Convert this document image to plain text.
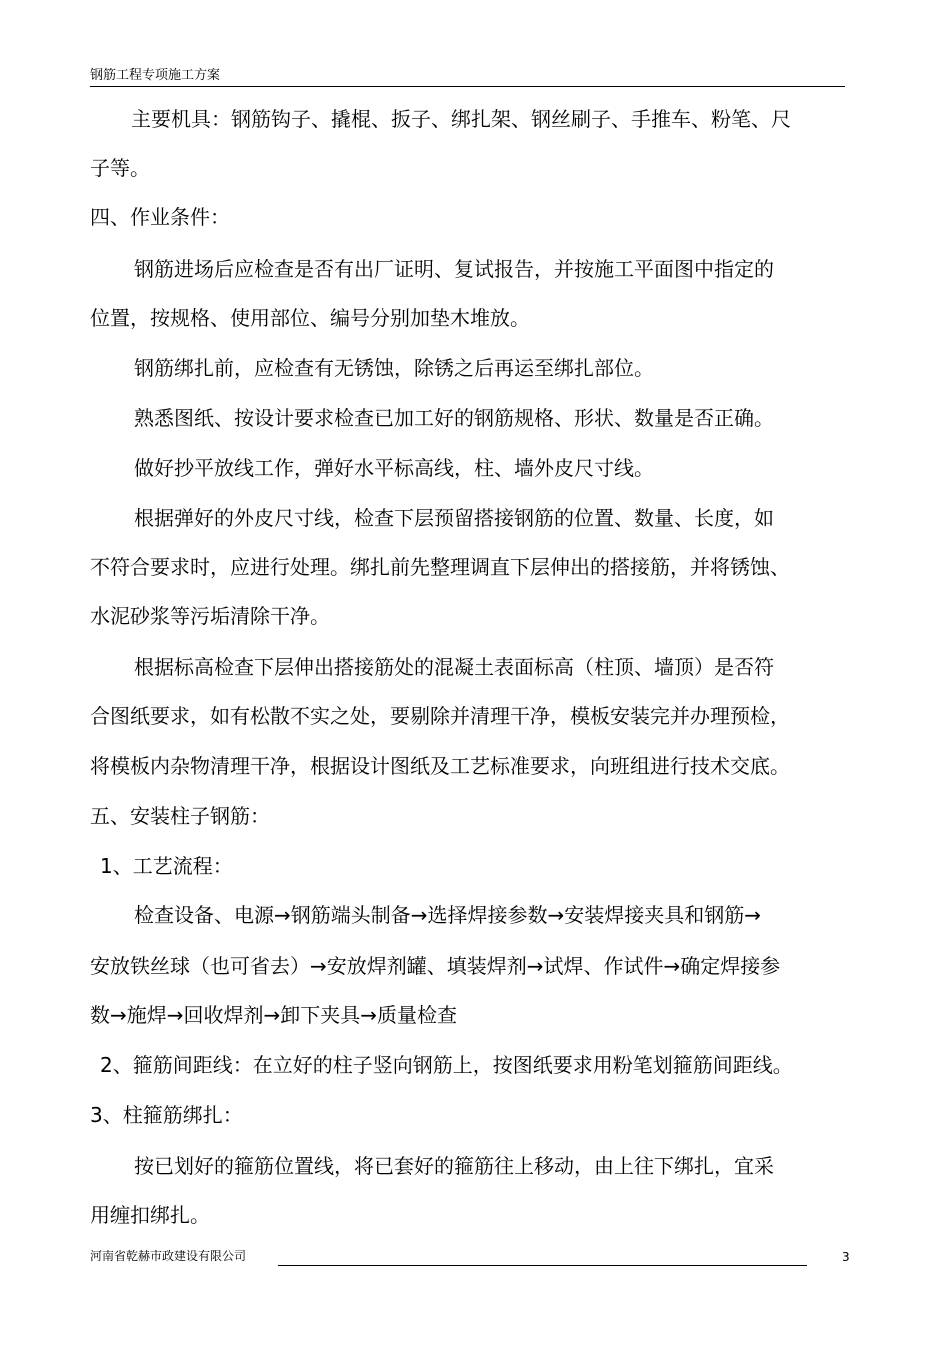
钢筋工程专项施工方案
主要机具：钢筋钩子、撬棍、扳子、绑扎架、钢丝刷子、手推车、粉笔、尺
子等。
四、作业条件：
钢筋进场后应检查是否有出厂证明、复试报告，并按施工平面图中指定的
位置，按规格、使用部位、编号分别加垫木堆放。
钢筋绑扎前，应检查有无锈蚀，除锈之后再运至绑扎部位。
熟悉图纸、按设计要求检查已加工好的钢筋规格、形状、数量是否正确。
做好抄平放线工作，弹好水平标高线，柱、墙外皮尺寸线。
根据弹好的外皮尺寸线，检查下层预留搭接钢筋的位置、数量、长度，如
不符合要求时，应进行处理。绑扎前先整理调直下层伸出的搭接筋，并将锈蚀、
水泥砂浆等污垢清除干净。
根据标高检查下层伸出搭接筋处的混凝土表面标高（柱顶、墙顶）是否符
合图纸要求，如有松散不实之处，要剔除并清理干净，模板安装完并办理预检，
将模板内杂物清理干净，根据设计图纸及工艺标准要求，向班组进行技术交底。
五、安装柱子钢筋：
1、工艺流程：
检查设备、电源→钢筋端头制备→选择焊接参数→安装焊接夹具和钢筋→
安放铁丝球（也可省去）→安放焊剂罐、填装焊剂→试焊、作试件→确定焊接参
数→施焊→回收焊剂→卸下夹具→质量检查
2、箍筋间距线：在立好的柱子竖向钢筋上，按图纸要求用粉笔划箍筋间距线。
3、柱箍筋绑扎：
按已划好的箍筋位置线，将已套好的箍筋往上移动，由上往下绑扎，宜采
用缠扣绑扎。
河南省乾赫市政建设有限公司	3
